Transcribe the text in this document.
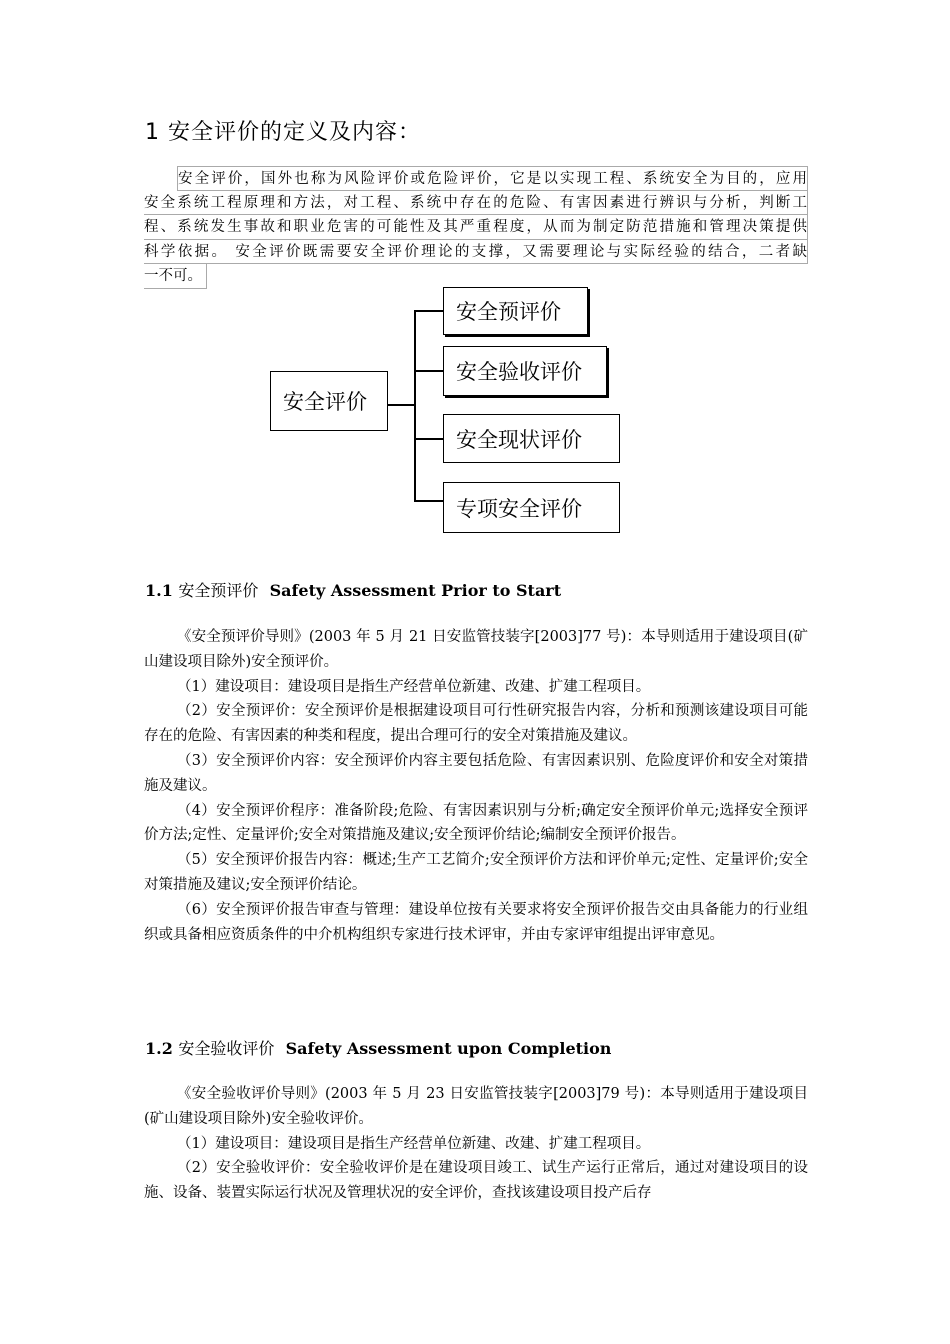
1 安全评价的定义及内容：
安全评价，国外也称为风险评价或危险评价，它是以实现工程、系统安全为目的，应用
安全系统工程原理和方法，对工程、系统中存在的危险、有害因素进行辨识与分析，判断工
程、系统发生事故和职业危害的可能性及其严重程度，从而为制定防范措施和管理决策提供
科学依据。 安全评价既需要安全评价理论的支撑，又需要理论与实际经验的结合，二者缺
一不可。
安全评价
安全预评价
安全验收评价
安全现状评价
专项安全评价
1.1 安全预评价 Safety Assessment Prior to Start

《安全预评价导则》(2003 年 5 月 21 日安监管技装字[2003]77 号)：本导则适用于建设项目(矿山建设项目除外)安全预评价。

（1）建设项目：建设项目是指生产经营单位新建、改建、扩建工程项目。

（2）安全预评价：安全预评价是根据建设项目可行性研究报告内容，分析和预测该建设项目可能存在的危险、有害因素的种类和程度，提出合理可行的安全对策措施及建议。

（3）安全预评价内容：安全预评价内容主要包括危险、有害因素识别、危险度评价和安全对策措施及建议。

（4）安全预评价程序：准备阶段;危险、有害因素识别与分析;确定安全预评价单元;选择安全预评价方法;定性、定量评价;安全对策措施及建议;安全预评价结论;编制安全预评价报告。

（5）安全预评价报告内容：概述;生产工艺简介;安全预评价方法和评价单元;定性、定量评价;安全对策措施及建议;安全预评价结论。

（6）安全预评价报告审查与管理：建设单位按有关要求将安全预评价报告交由具备能力的行业组织或具备相应资质条件的中介机构组织专家进行技术评审，并由专家评审组提出评审意见。

1.2 安全验收评价 Safety Assessment upon Completion

《安全验收评价导则》(2003 年 5 月 23 日安监管技装字[2003]79 号)：本导则适用于建设项目(矿山建设项目除外)安全验收评价。

（1）建设项目：建设项目是指生产经营单位新建、改建、扩建工程项目。

（2）安全验收评价：安全验收评价是在建设项目竣工、试生产运行正常后，通过对建设项目的设施、设备、装置实际运行状况及管理状况的安全评价，查找该建设项目投产后存
